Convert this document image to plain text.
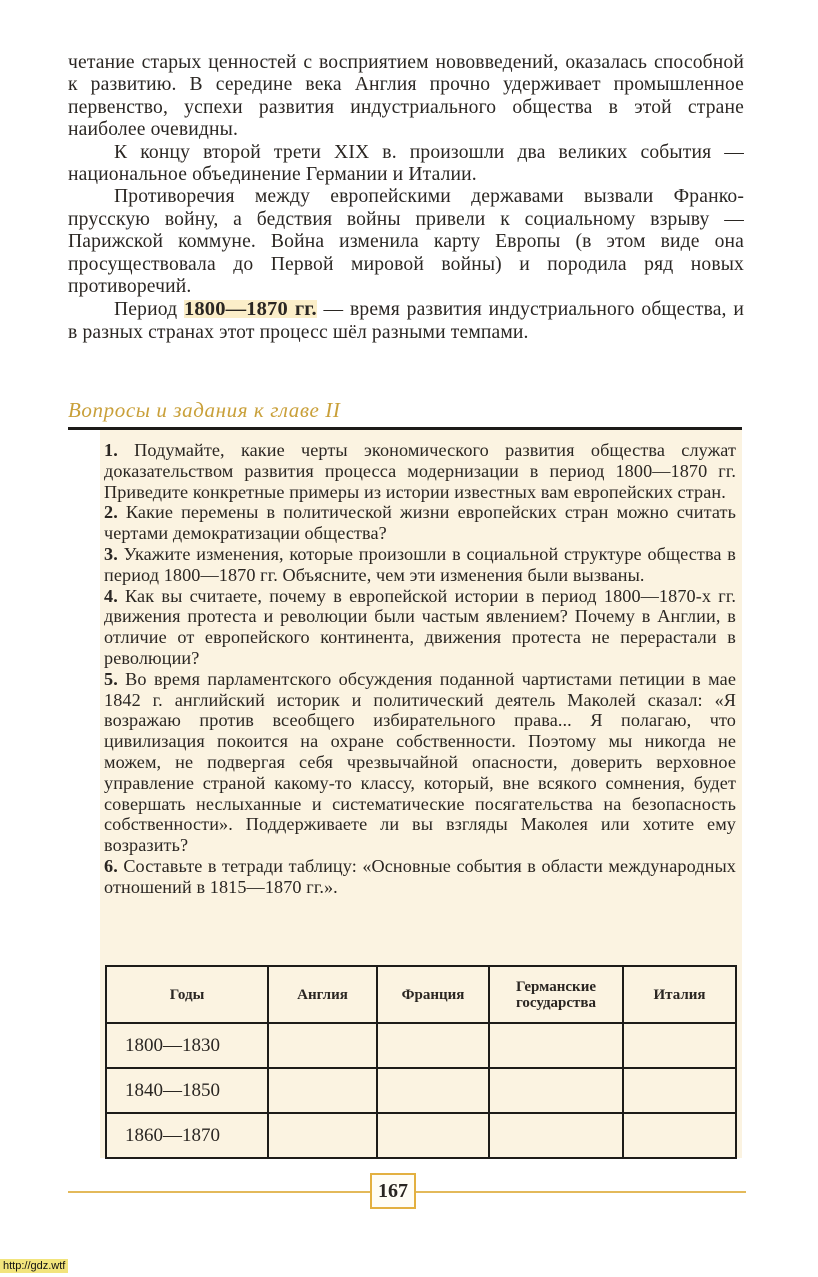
четание старых ценностей с восприятием нововведений, оказалась способной к развитию. В середине века Англия прочно удерживает промышленное первенство, успехи развития индустриального общества в этой стране наиболее очевидны.

К концу второй трети XIX в. произошли два великих события — национальное объединение Германии и Италии.

Противоречия между европейскими державами вызвали Франко-прусскую войну, а бедствия войны привели к социальному взрыву — Парижской коммуне. Война изменила карту Европы (в этом виде она просуществовала до Первой мировой войны) и породила ряд новых противоречий.

Период 1800—1870 гг. — время развития индустриального общества, и в разных странах этот процесс шёл разными темпами.

Вопросы и задания к главе II

1. Подумайте, какие черты экономического развития общества служат доказательством развития процесса модернизации в период 1800—1870 гг. Приведите конкретные примеры из истории известных вам европейских стран.

2. Какие перемены в политической жизни европейских стран можно считать чертами демократизации общества?

3. Укажите изменения, которые произошли в социальной структуре общества в период 1800—1870 гг. Объясните, чем эти изменения были вызваны.

4. Как вы считаете, почему в европейской истории в период 1800—1870-х гг. движения протеста и революции были частым явлением? Почему в Англии, в отличие от европейского континента, движения протеста не перерастали в революции?

5. Во время парламентского обсуждения поданной чартистами петиции в мае 1842 г. английский историк и политический деятель Маколей сказал: «Я возражаю против всеобщего избирательного права... Я полагаю, что цивилизация покоится на охране собственности. Поэтому мы никогда не можем, не подвергая себя чрезвычайной опасности, доверить верховное управление страной какому-то классу, который, вне всякого сомнения, будет совершать неслыханные и систематические посягательства на безопасность собственности». Поддерживаете ли вы взгляды Маколея или хотите ему возразить?

6. Составьте в тетради таблицу: «Основные события в области международных отношений в 1815—1870 гг.».

Годы	Англия	Франция	Германские государства	Италия
1800—1830				
1840—1850				
1860—1870				
167
http://gdz.wtf
